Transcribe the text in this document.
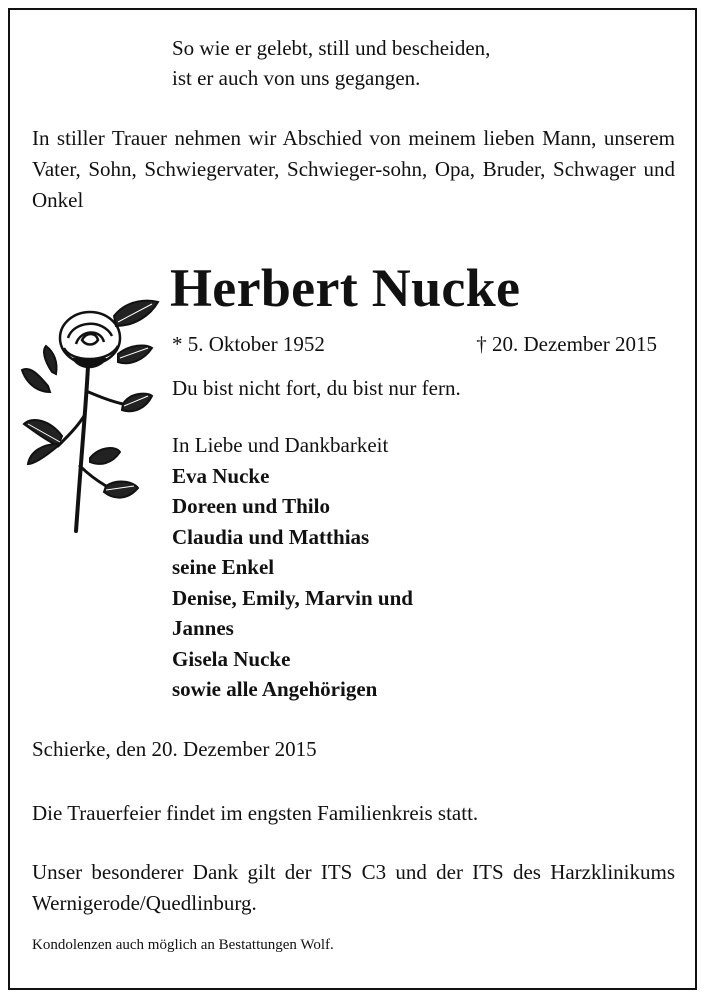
So wie er gelebt, still und bescheiden,
ist er auch von uns gegangen.

In stiller Trauer nehmen wir Abschied von meinem lieben Mann, unserem Vater, Sohn, Schwiegervater, Schwieger-sohn, Opa, Bruder, Schwager und Onkel

Herbert Nucke
* 5. Oktober 1952	† 20. Dezember 2015
Du bist nicht fort, du bist nur fern.
In Liebe und Dankbarkeit
Eva Nucke
Doreen und Thilo
Claudia und Matthias
seine Enkel
Denise, Emily, Marvin und
Jannes
Gisela Nucke
sowie alle Angehörigen
Schierke, den 20. Dezember 2015
Die Trauerfeier findet im engsten Familienkreis statt.

Unser besonderer Dank gilt der ITS C3 und der ITS des Harzklinikums Wernigerode/Quedlinburg.

Kondolenzen auch möglich an Bestattungen Wolf.
